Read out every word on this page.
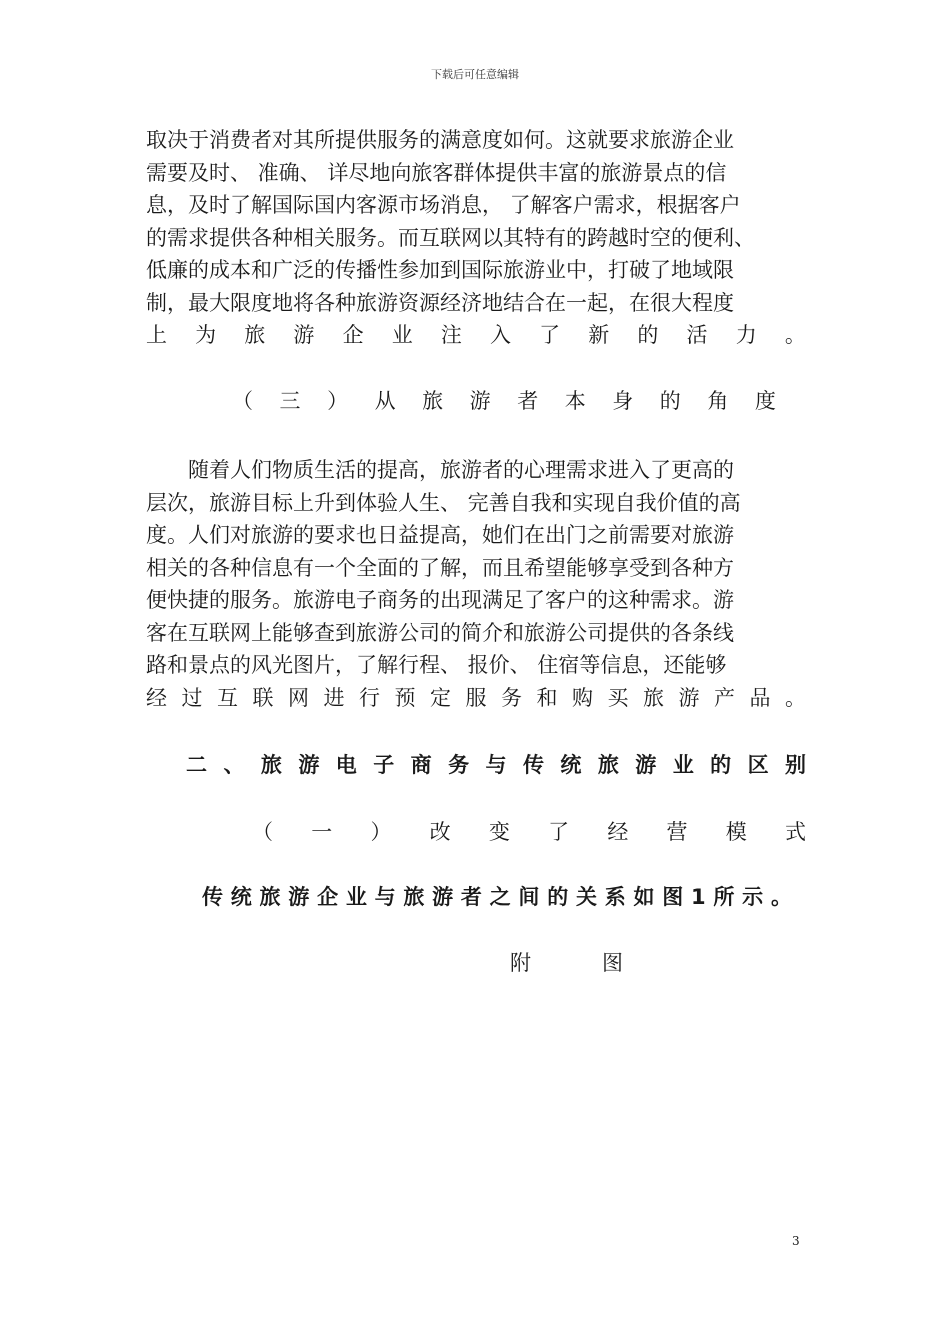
下载后可任意编辑
取决于消费者对其所提供服务的满意度如何。这就要求旅游企业
需要及时、 准确、 详尽地向旅客群体提供丰富的旅游景点的信
息，及时了解国际国内客源市场消息， 了解客户需求，根据客户
的需求提供各种相关服务。而互联网以其特有的跨越时空的便利、
低廉的成本和广泛的传播性参加到国际旅游业中，打破了地域限
制，最大限度地将各种旅游资源经济地结合在一起，在很大程度
上 为 旅 游 企 业 注 入 了 新 的 活 力 。
（ 三 ） 从 旅 游 者 本 身 的 角 度
　　随着人们物质生活的提高，旅游者的心理需求进入了更高的
层次，旅游目标上升到体验人生、 完善自我和实现自我价值的高
度。人们对旅游的要求也日益提高，她们在出门之前需要对旅游
相关的各种信息有一个全面的了解，而且希望能够享受到各种方
便快捷的服务。旅游电子商务的出现满足了客户的这种需求。游
客在互联网上能够查到旅游公司的简介和旅游公司提供的各条线
路和景点的风光图片，了解行程、 报价、 住宿等信息，还能够
经 过 互 联 网 进 行 预 定 服 务 和 购 买 旅 游 产 品 。
二 、 旅 游 电 子 商 务 与 传 统 旅 游 业 的 区 别
（ 一 ） 改 变 了 经 营 模 式
传 统 旅 游 企 业 与 旅 游 者 之 间 的 关 系 如 图 1 所 示 。
附	图
3
